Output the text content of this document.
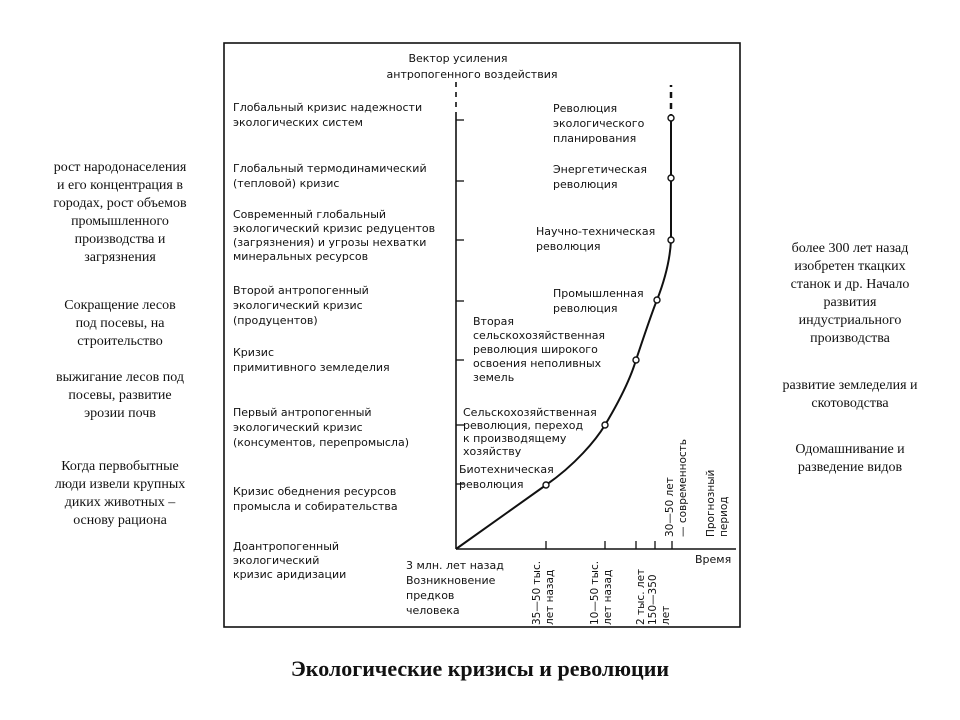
Вектор усиления
антропогенного воздействия
Время
Глобальный кризис надежности экологических систем
Глобальный термодинамический (тепловой) кризис
Современный глобальный экологический кризис редуцентов (загрязнения) и угрозы нехватки минеральных ресурсов
Второй антропогенный экологический кризис (продуцентов)
Кризис примитивного земледелия
Первый антропогенный экологический кризис (консументов, перепромысла)
Кризис обеднения ресурсов промысла и собирательства
Доантропогенный экологический кризис аридизации
Революция экологического планирования
Энергетическая революция
Научно-техническая революция
Промышленная революция
Вторая сельскохозяйственная революция широкого освоения неполивных земель
Сельскохозяйственная революция, переход к производящему хозяйству
Биотехническая революция
3 млн. лет назад Возникновение предков человека	35—50 тыс. лет назад	10—50 тыс. лет назад 2 тыс. лет 150—350 лет
30—50 лет — современность Прогнозный период
рост народонаселения
и его концентрация в
городах, рост объемов
промышленного
производства и
загрязнения
Сокращение лесов
под посевы, на
строительство
выжигание лесов под
посевы, развитие
эрозии почв
Когда первобытные
люди извели крупных
диких животных –
основу рациона
более 300 лет назад
изобретен ткацких
станок и др. Начало
развития
индустриального
производства
развитие земледелия и
скотоводства
Одомашнивание и
разведение видов
Экологические кризисы и революции
